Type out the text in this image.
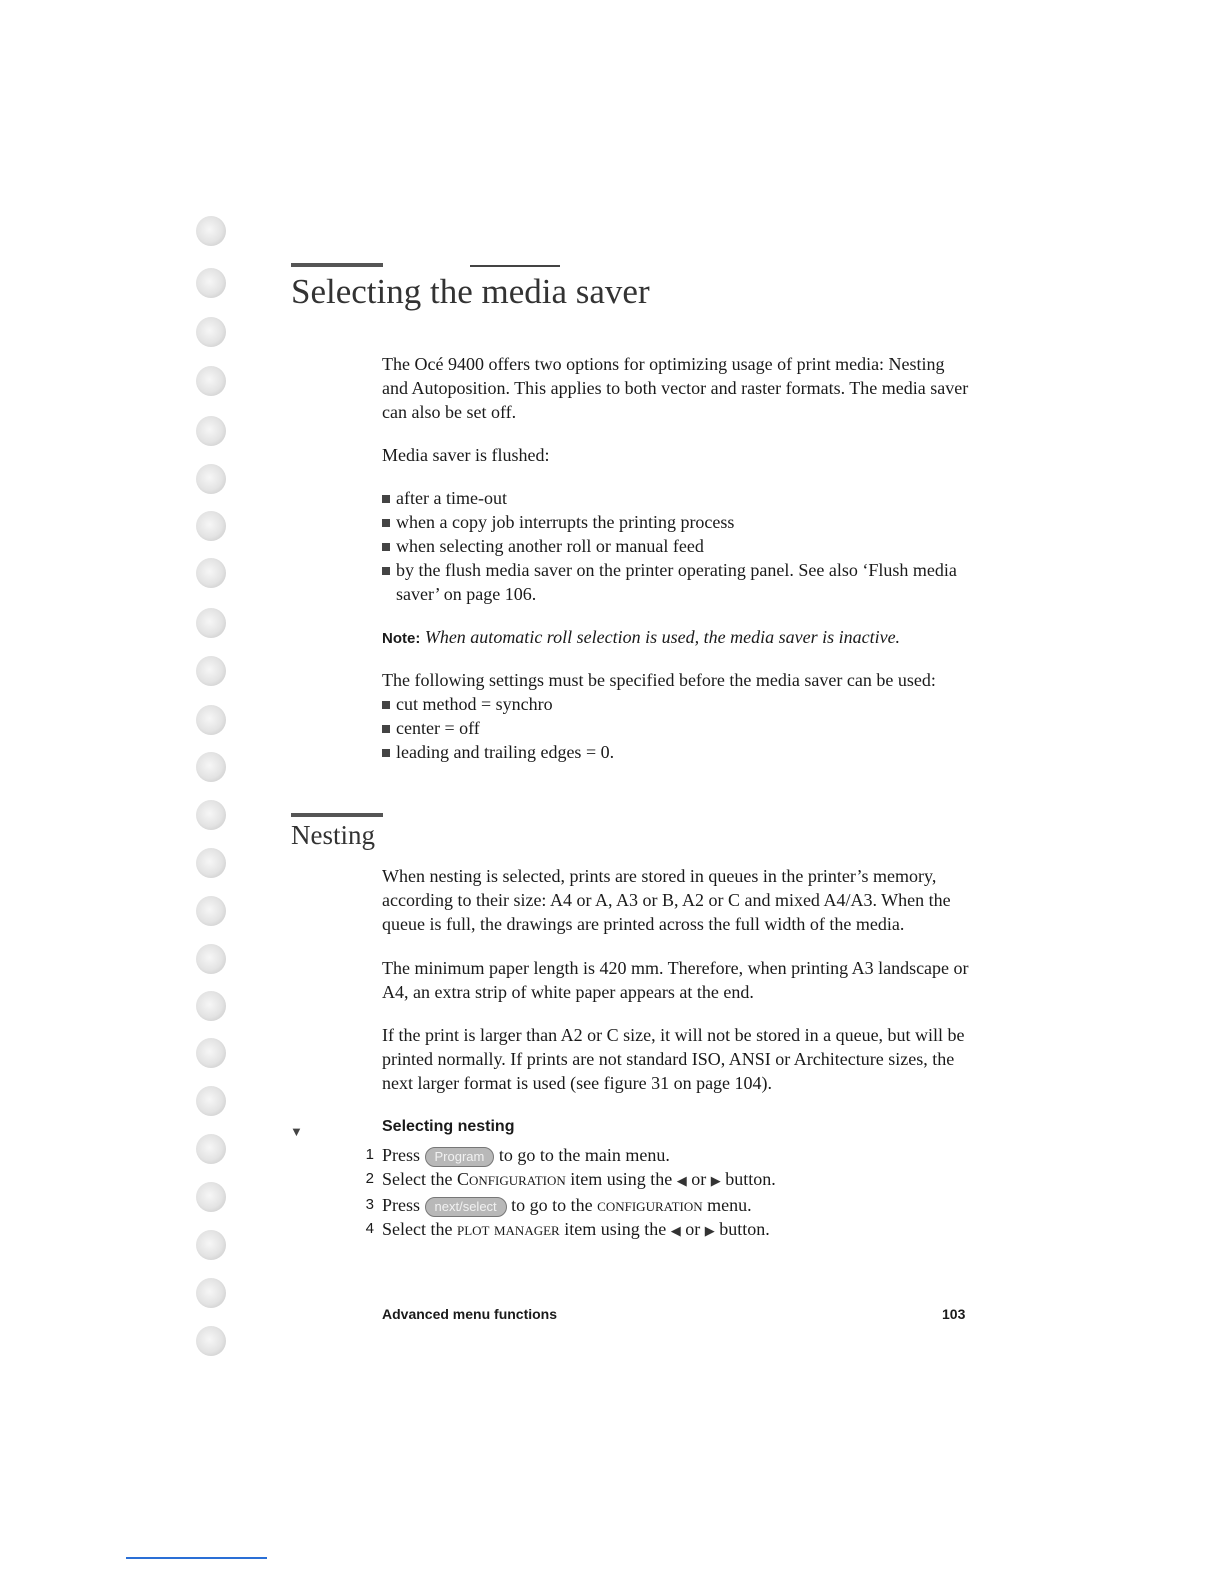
Selecting the media saver

The Océ 9400 offers two options for optimizing usage of print media: Nesting and Autoposition. This applies to both vector and raster formats. The media saver can also be set off.

Media saver is flushed:

after a time-out

when a copy job interrupts the printing process

when selecting another roll or manual feed

by the flush media saver on the printer operating panel. See also ‘Flush media saver’ on page 106.

Note: When automatic roll selection is used, the media saver is inactive.

The following settings must be specified before the media saver can be used:

cut method = synchro

center = off

leading and trailing edges = 0.

Nesting

When nesting is selected, prints are stored in queues in the printer’s memory, according to their size: A4 or A, A3 or B, A2 or C and mixed A4/A3. When the queue is full, the drawings are printed across the full width of the media.

The minimum paper length is 420 mm. Therefore, when printing A3 landscape or A4, an extra strip of white paper appears at the end.

If the print is larger than A2 or C size, it will not be stored in a queue, but will be printed normally. If prints are not standard ISO, ANSI or Architecture sizes, the next larger format is used (see figure 31 on page 104).

▼	Selecting nesting
1 Press Program to go to the main menu.
2 Select the Configuration item using the ◀ or ▶ button.
3 Press next/select to go to the configuration menu.
4 Select the plot manager item using the ◀ or ▶ button.
Advanced menu functions	103
